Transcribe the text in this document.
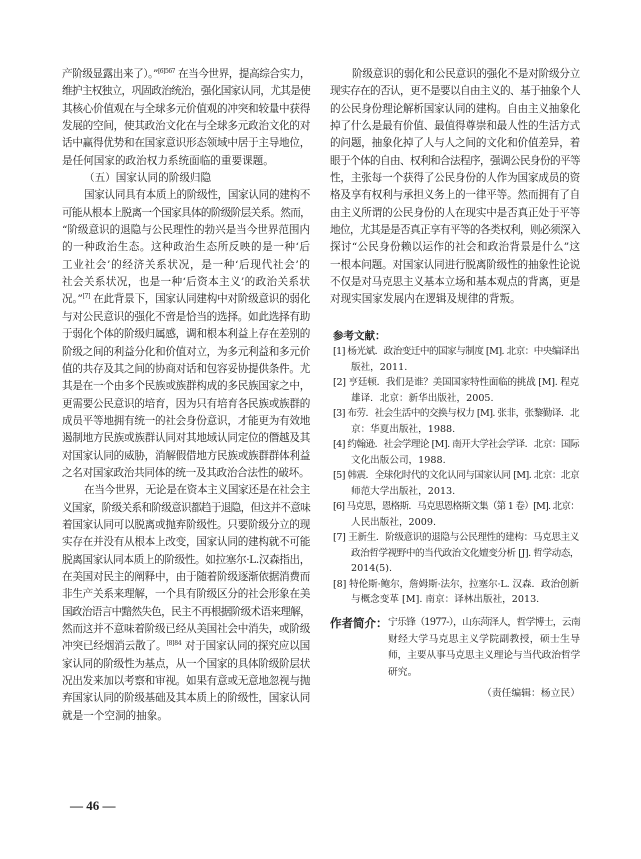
产阶级显露出来了）。”$^{[6]567}$ 在当今世界，提高综合实力，
维护主权独立，巩固政治统治，强化国家认同，尤其是使
其核心价值观在与全球多元价值观的冲突和较量中获得
发展的空间，使其政治文化在与全球多元政治文化的对
话中赢得优势和在国家意识形态领域中居于主导地位，
是任何国家的政治权力系统面临的重要课题。
（五）国家认同的阶级归隐
国家认同具有本质上的阶级性，国家认同的建构不
可能从根本上脱离一个国家具体的阶级阶层关系。然而，
“阶级意识的退隐与公民理性的勃兴是当今世界范围内
的一种政治生态。这种政治生态所反映的是一种‘后
工业社会’的经济关系状况，是一种‘后现代社会’的
社会关系状况，也是一种‘后资本主义’的政治关系状
况。”[7] 在此背景下，国家认同建构中对阶级意识的弱化
与对公民意识的强化不啻是恰当的选择。如此选择有助
于弱化个体的阶级归属感，调和根本利益上存在差别的
阶级之间的利益分化和价值对立，为多元利益和多元价
值的共存及其之间的协商对话和包容妥协提供条件。尤
其是在一个由多个民族或族群构成的多民族国家之中，
更需要公民意识的培育，因为只有培育各民族或族群的
成员平等地拥有统一的社会身份意识，才能更为有效地
遏制地方民族或族群认同对其地域认同定位的僭越及其
对国家认同的威胁，消解假借地方民族或族群群体利益
之名对国家政治共同体的统一及其政治合法性的破坏。
在当今世界，无论是在资本主义国家还是在社会主
义国家，阶级关系和阶级意识都趋于退隐，但这并不意味
着国家认同可以脱离或抛弃阶级性。只要阶级分立的现
实存在并没有从根本上改变，国家认同的建构就不可能
脱离国家认同本质上的阶级性。如拉塞尔·L.汉森指出，
在美国对民主的阐释中，由于随着阶级逐渐依据消费而
非生产关系来理解，一个具有阶级区分的社会形象在美
国政治语言中黯然失色，民主不再根据阶级术语来理解，
然而这并不意味着阶级已经从美国社会中消失，或阶级
冲突已经烟消云散了。$^{[8]84}$ 对于国家认同的探究应以国
家认同的阶级性为基点，从一个国家的具体阶级阶层状
况出发来加以考察和审视。如果有意或无意地忽视与抛
弃国家认同的阶级基础及其本质上的阶级性，国家认同
就是一个空洞的抽象。
阶级意识的弱化和公民意识的强化不是对阶级分立
现实存在的否认，更不是要以自由主义的、基于抽象个人
的公民身份理论解析国家认同的建构。自由主义抽象化
掉了什么是最有价值、最值得尊崇和最人性的生活方式
的问题，抽象化掉了人与人之间的文化和价值差异，着
眼于个体的自由、权利和合法程序，强调公民身份的平等
性，主张每一个获得了公民身份的人作为国家成员的资
格及享有权利与承担义务上的一律平等。然而拥有了自
由主义所谓的公民身份的人在现实中是否真正处于平等
地位，尤其是是否真正享有平等的各类权利，则必须深入
探讨“公民身份赖以运作的社会和政治背景是什么”这
一根本问题。对国家认同进行脱离阶级性的抽象性论说
不仅是对马克思主义基本立场和基本观点的背离，更是
对现实国家发展内在逻辑及规律的背叛。
参考文献：
[1] 杨光斌．政治变迁中的国家与制度 [M]. 北京：中央编译出
版社，2011.
[2] 亨廷顿．我们是谁？美国国家特性面临的挑战 [M]. 程克
雄译．北京：新华出版社，2005.
[3] 布劳．社会生活中的交换与权力 [M]. 张非，张黎勤译．北
京：华夏出版社，1988.
[4] 约翰逊．社会学理论 [M]. 南开大学社会学译．北京：国际
文化出版公司，1988.
[5] 韩震．全球化时代的文化认同与国家认同 [M]. 北京：北京
师范大学出版社，2013.
[6] 马克思，恩格斯．马克思恩格斯文集（第 1 卷）[M]. 北京：
人民出版社，2009.
[7] 王新生．阶级意识的退隐与公民理性的建构：马克思主义
政治哲学视野中的当代政治文化嬗变分析 [J]. 哲学动态，
2014(5).
[8] 特伦斯·鲍尔，詹姆斯·法尔，拉塞尔·L. 汉森．政治创新
与概念变革 [M]. 南京：译林出版社，2013.
作者简介： 宁乐锋（1977-），山东菏泽人，哲学博士，云南
财经大学马克思主义学院副教授，硕士生导
师，主要从事马克思主义理论与当代政治哲学
研究。
（责任编辑：杨立民）
— 46 —
